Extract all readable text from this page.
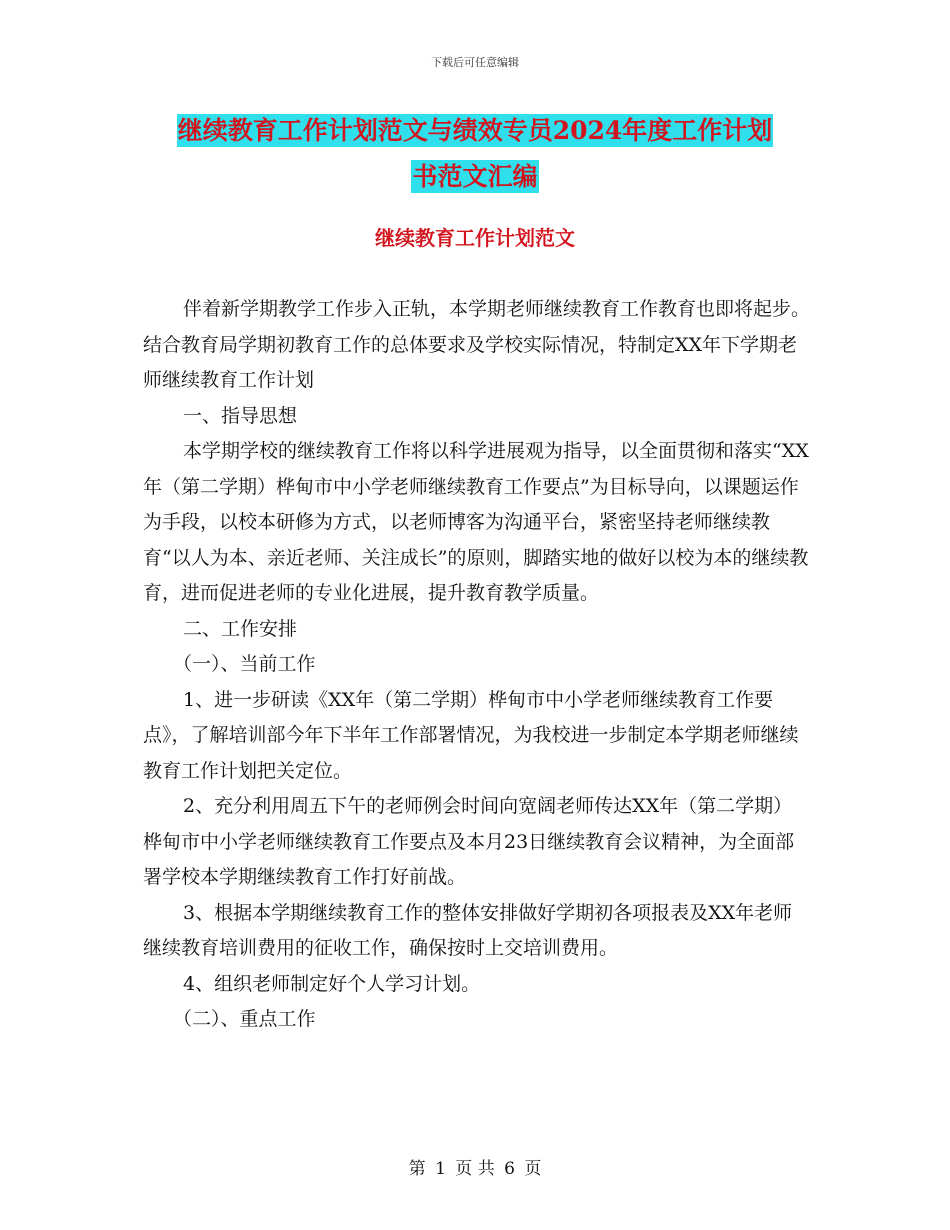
下载后可任意编辑
继续教育工作计划范文与绩效专员2024年度工作计划
书范文汇编
继续教育工作计划范文

伴着新学期教学工作步入正轨，本学期老师继续教育工作教育也即将起步。结合教育局学期初教育工作的总体要求及学校实际情况，特制定XX年下学期老师继续教育工作计划

一、指导思想

本学期学校的继续教育工作将以科学进展观为指导，以全面贯彻和落实“XX年（第二学期）桦甸市中小学老师继续教育工作要点”为目标导向，以课题运作为手段，以校本研修为方式，以老师博客为沟通平台，紧密坚持老师继续教育“以人为本、亲近老师、关注成长”的原则，脚踏实地的做好以校为本的继续教育，进而促进老师的专业化进展，提升教育教学质量。

二、工作安排

（一）、当前工作

1、进一步研读《XX年（第二学期）桦甸市中小学老师继续教育工作要点》，了解培训部今年下半年工作部署情况，为我校进一步制定本学期老师继续教育工作计划把关定位。

2、充分利用周五下午的老师例会时间向宽阔老师传达XX年（第二学期）桦甸市中小学老师继续教育工作要点及本月23日继续教育会议精神，为全面部署学校本学期继续教育工作打好前战。

3、根据本学期继续教育工作的整体安排做好学期初各项报表及XX年老师继续教育培训费用的征收工作，确保按时上交培训费用。

4、组织老师制定好个人学习计划。

（二）、重点工作

第 1 页 共 6 页
